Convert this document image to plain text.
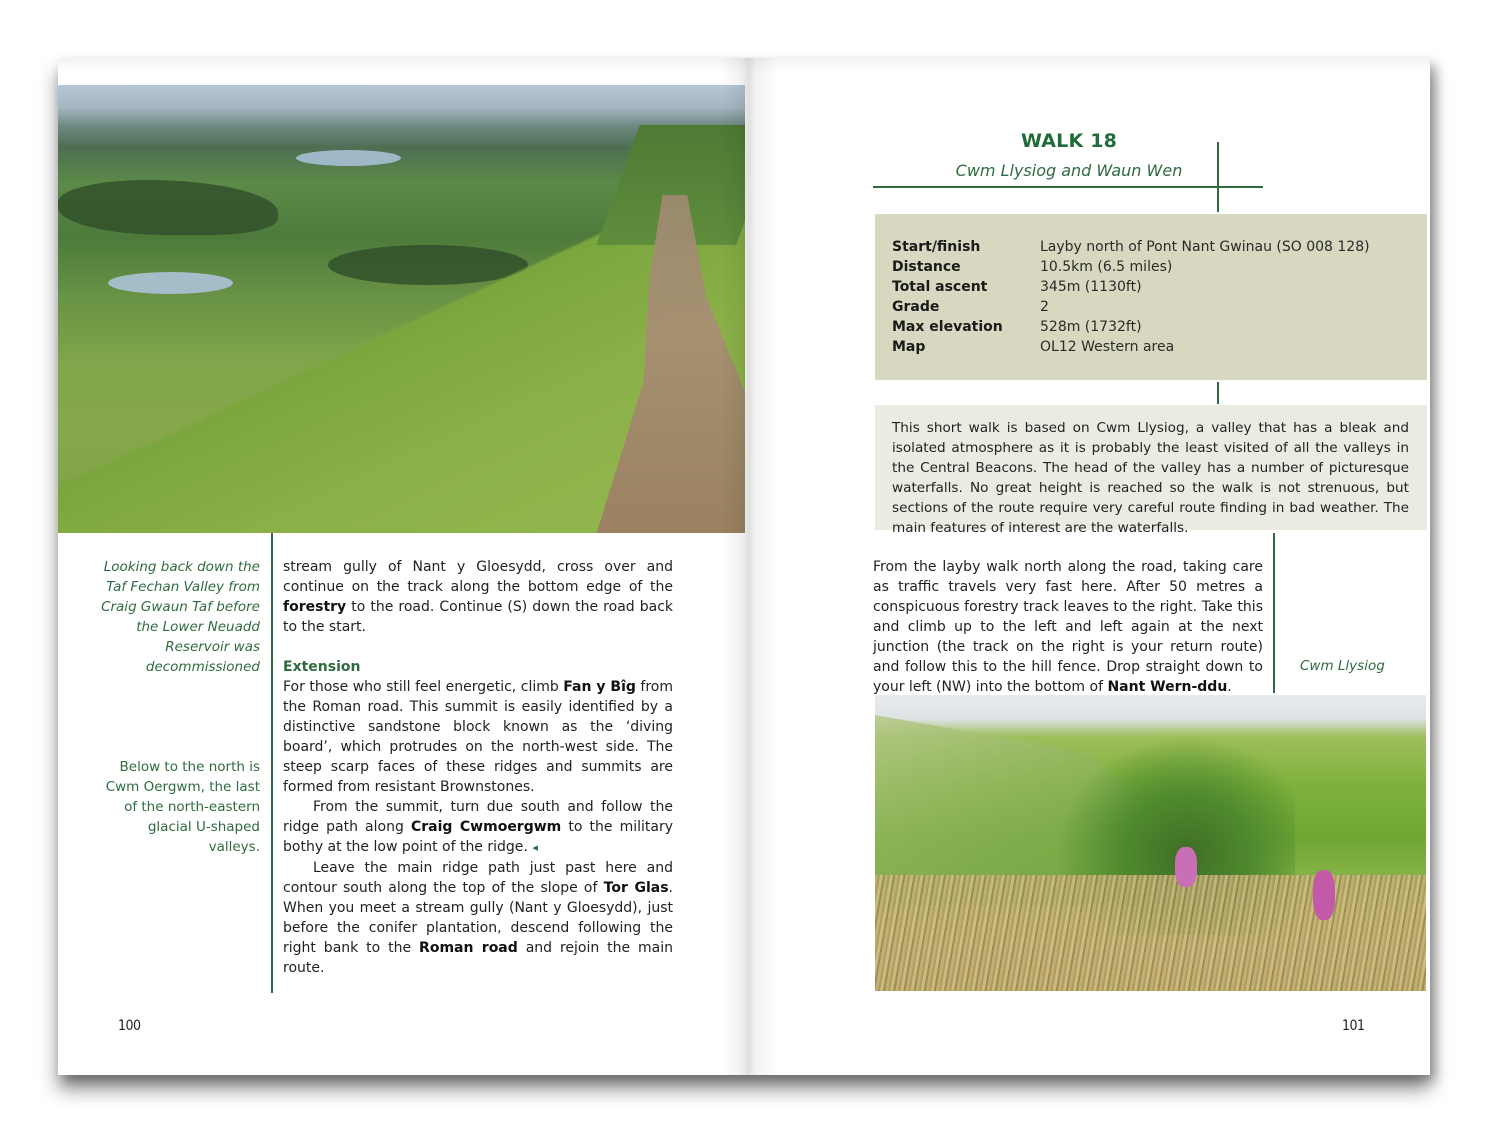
Looking back down the Taf Fechan Valley from Craig Gwaun Taf before the Lower Neuadd Reservoir was decommissioned
Below to the north is Cwm Oergwm, the last of the north-eastern glacial U-shaped valleys.

stream gully of Nant y Gloesydd, cross over and continue on the track along the bottom edge of the forestry to the road. Continue (S) down the road back to the start.

Extension

For those who still feel energetic, climb Fan y Bîg from the Roman road. This summit is easily identified by a distinctive sandstone block known as the ‘diving board’, which protrudes on the north-west side. The steep scarp faces of these ridges and summits are formed from resistant Brownstones.

From the summit, turn due south and follow the ridge path along Craig Cwmoergwm to the military bothy at the low point of the ridge. ◂

Leave the main ridge path just past here and contour south along the top of the slope of Tor Glas. When you meet a stream gully (Nant y Gloesydd), just before the conifer plantation, descend following the right bank to the Roman road and rejoin the main route.

100
WALK 18
Cwm Llysiog and Waun Wen
Start/finish	Layby north of Pont Nant Gwinau (SO 008 128)
Distance	10.5km (6.5 miles)
Total ascent	345m (1130ft)
Grade	2
Max elevation	528m (1732ft)
Map	OL12 Western area

This short walk is based on Cwm Llysiog, a valley that has a bleak and isolated atmosphere as it is probably the least visited of all the valleys in the Central Beacons. The head of the valley has a number of picturesque waterfalls. No great height is reached so the walk is not strenuous, but sections of the route require very careful route finding in bad weather. The main features of interest are the waterfalls.

From the layby walk north along the road, taking care as traffic travels very fast here. After 50 metres a conspicuous forestry track leaves to the right. Take this and climb up to the left and left again at the next junction (the track on the right is your return route) and follow this to the hill fence. Drop straight down to your left (NW) into the bottom of Nant Wern-ddu.

Cwm Llysiog
101
